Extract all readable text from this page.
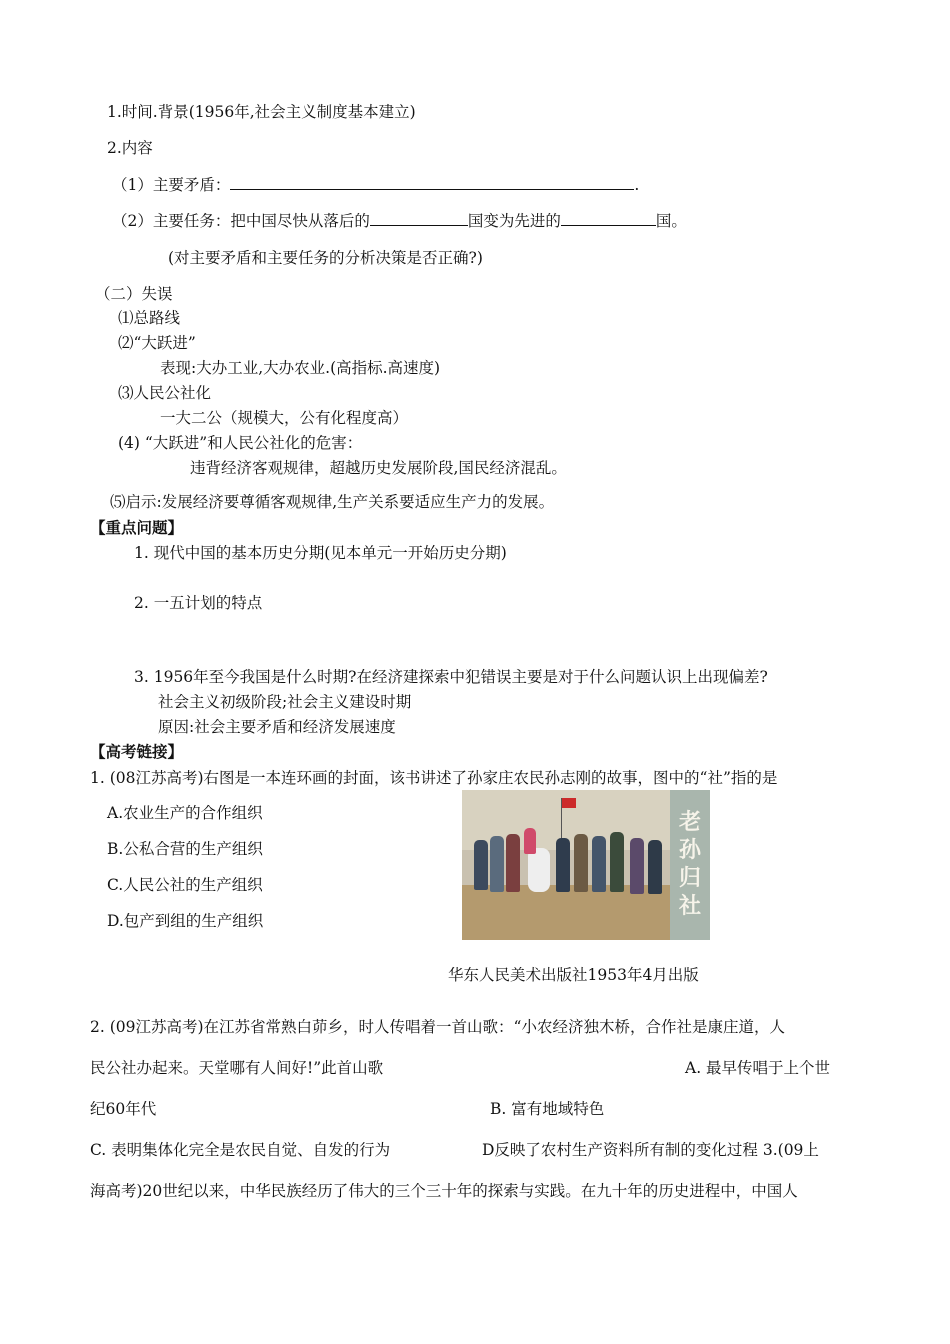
1.时间.背景(1956年,社会主义制度基本建立)
2.内容
（1）主要矛盾：	.
（2）主要任务：把中国尽快从落后的	国变为先进的	国。
(对主要矛盾和主要任务的分析决策是否正确?)
（二）失误
⑴总路线
⑵“大跃进”
表现:大办工业,大办农业.(高指标.高速度)
⑶人民公社化
一大二公（规模大，公有化程度高）
(4) “大跃进”和人民公社化的危害：
违背经济客观规律，超越历史发展阶段,国民经济混乱。
⑸启示:发展经济要尊循客观规律,生产关系要适应生产力的发展。
【重点问题】
1. 现代中国的基本历史分期(见本单元一开始历史分期)
2. 一五计划的特点
3. 1956年至今我国是什么时期?在经济建探索中犯错误主要是对于什么问题认识上出现偏差?
社会主义初级阶段;社会主义建设时期
原因:社会主要矛盾和经济发展速度
【高考链接】
1. (08江苏高考)右图是一本连环画的封面，该书讲述了孙家庄农民孙志刚的故事，图中的“社”指的是
A.农业生产的合作组织
B.公私合营的生产组织
C.人民公社的生产组织
D.包产到组的生产组织
老
孙
归
社
华东人民美术出版社1953年4月出版
2. (09江苏高考)在江苏省常熟白茆乡，时人传唱着一首山歌：“小农经济独木桥，合作社是康庄道，人
民公社办起来。天堂哪有人间好!”此首山歌	A. 最早传唱于上个世
纪60年代	B. 富有地域特色
C. 表明集体化完全是农民自觉、自发的行为	D反映了农村生产资料所有制的变化过程 3.(09上
海高考)20世纪以来，中华民族经历了伟大的三个三十年的探索与实践。在九十年的历史进程中，中国人
